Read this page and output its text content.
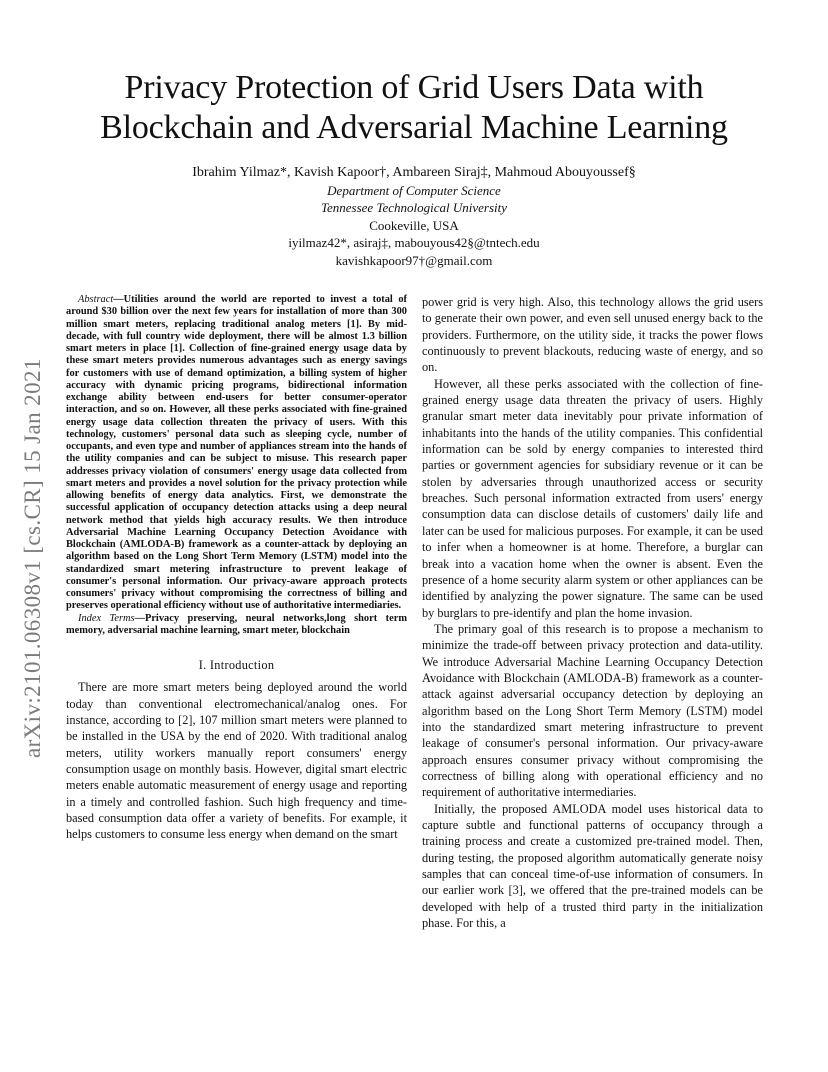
Privacy Protection of Grid Users Data with
Blockchain and Adversarial Machine Learning
Ibrahim Yilmaz*, Kavish Kapoor†, Ambareen Siraj‡, Mahmoud Abouyoussef§
Department of Computer Science
Tennessee Technological University
Cookeville, USA
iyilmaz42*, asiraj‡, mabouyous42§@tntech.edu
kavishkapoor97†@gmail.com
arXiv:2101.06308v1 [cs.CR] 15 Jan 2021
Abstract—Utilities around the world are reported to invest a total of around $30 billion over the next few years for installation of more than 300 million smart meters, replacing traditional analog meters [1]. By mid-decade, with full country wide deployment, there will be almost 1.3 billion smart meters in place [1]. Collection of fine-grained energy usage data by these smart meters provides numerous advantages such as energy savings for customers with use of demand optimization, a billing system of higher accuracy with dynamic pricing programs, bidirectional information exchange ability between end-users for better consumer-operator interaction, and so on. However, all these perks associated with fine-grained energy usage data collection threaten the privacy of users. With this technology, customers' personal data such as sleeping cycle, number of occupants, and even type and number of appliances stream into the hands of the utility companies and can be subject to misuse. This research paper addresses privacy violation of consumers' energy usage data collected from smart meters and provides a novel solution for the privacy protection while allowing benefits of energy data analytics. First, we demonstrate the successful application of occupancy detection attacks using a deep neural network method that yields high accuracy results. We then introduce Adversarial Machine Learning Occupancy Detection Avoidance with Blockchain (AMLODA-B) framework as a counter-attack by deploying an algorithm based on the Long Short Term Memory (LSTM) model into the standardized smart metering infrastructure to prevent leakage of consumer's personal information. Our privacy-aware approach protects consumers' privacy without compromising the correctness of billing and preserves operational efficiency without use of authoritative intermediaries.

Index Terms—Privacy preserving, neural networks,long short term memory, adversarial machine learning, smart meter, blockchain

I. Introduction

There are more smart meters being deployed around the world today than conventional electromechanical/analog ones. For instance, according to [2], 107 million smart meters were planned to be installed in the USA by the end of 2020. With traditional analog meters, utility workers manually report consumers' energy consumption usage on monthly basis. However, digital smart electric meters enable automatic measurement of energy usage and reporting in a timely and controlled fashion. Such high frequency and time-based consumption data offer a variety of benefits. For example, it helps customers to consume less energy when demand on the smart

power grid is very high. Also, this technology allows the grid users to generate their own power, and even sell unused energy back to the providers. Furthermore, on the utility side, it tracks the power flows continuously to prevent blackouts, reducing waste of energy, and so on.

However, all these perks associated with the collection of fine-grained energy usage data threaten the privacy of users. Highly granular smart meter data inevitably pour private information of inhabitants into the hands of the utility companies. This confidential information can be sold by energy companies to interested third parties or government agencies for subsidiary revenue or it can be stolen by adversaries through unauthorized access or security breaches. Such personal information extracted from users' energy consumption data can disclose details of customers' daily life and later can be used for malicious purposes. For example, it can be used to infer when a homeowner is at home. Therefore, a burglar can break into a vacation home when the owner is absent. Even the presence of a home security alarm system or other appliances can be identified by analyzing the power signature. The same can be used by burglars to pre-identify and plan the home invasion.

The primary goal of this research is to propose a mechanism to minimize the trade-off between privacy protection and data-utility. We introduce Adversarial Machine Learning Occupancy Detection Avoidance with Blockchain (AMLODA-B) framework as a counter-attack against adversarial occupancy detection by deploying an algorithm based on the Long Short Term Memory (LSTM) model into the standardized smart metering infrastructure to prevent leakage of consumer's personal information. Our privacy-aware approach ensures consumer privacy without compromising the correctness of billing along with operational efficiency and no requirement of authoritative intermediaries.

Initially, the proposed AMLODA model uses historical data to capture subtle and functional patterns of occupancy through a training process and create a customized pre-trained model. Then, during testing, the proposed algorithm automatically generate noisy samples that can conceal time-of-use information of consumers. In our earlier work [3], we offered that the pre-trained models can be developed with help of a trusted third party in the initialization phase. For this, a
